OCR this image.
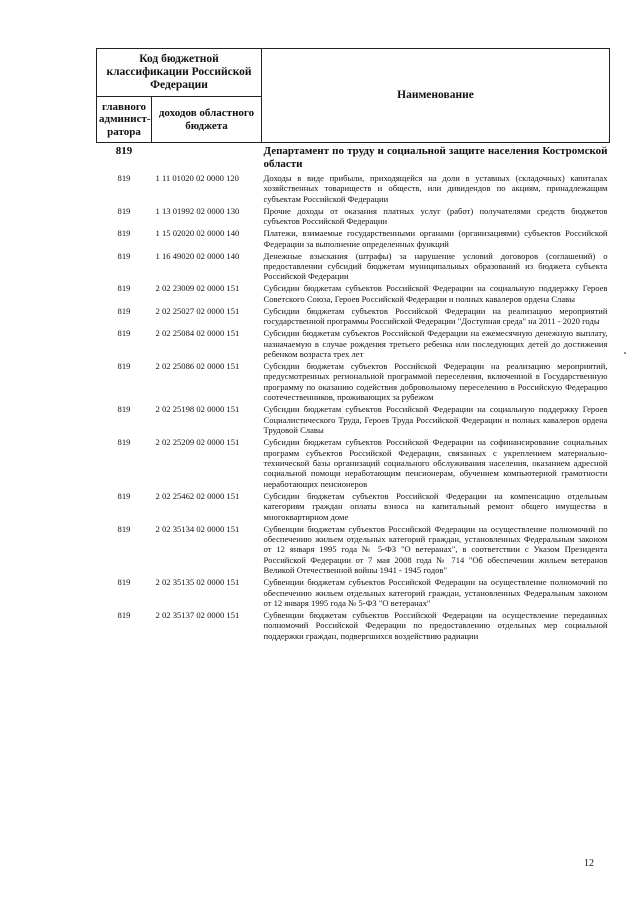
Код бюджетной классификации Российской Федерации		Наименование
главного админист-ратора	доходов областного бюджета	
819		Департамент по труду и социальной защите населения Костромской области
819	1 11 01020 02 0000 120	Доходы в виде прибыли, приходящейся на доли в уставных (складочных) капиталах хозяйственных товариществ и обществ, или дивидендов по акциям, принадлежащим субъектам Российской Федерации
819	1 13 01992 02 0000 130	Прочие доходы от оказания платных услуг (работ) получателями средств бюджетов субъектов Российской Федерации
819	1 15 02020 02 0000 140	Платежи, взимаемые государственными органами (организациями) субъектов Российской Федерации за выполнение определенных функций
819	1 16 49020 02 0000 140	Денежные взыскания (штрафы) за нарушение условий договоров (соглашений) о предоставлении субсидий бюджетам муниципальных образований из бюджета субъекта Российской Федерации
819	2 02 23009 02 0000 151	Субсидии бюджетам субъектов Российской Федерации на социальную поддержку Героев Советского Союза, Героев Российской Федерации и полных кавалеров ордена Славы
819	2 02 25027 02 0000 151	Субсидии бюджетам субъектов Российской Федерации на реализацию мероприятий государственной программы Российской Федерации "Доступная среда" на 2011 - 2020 годы
819	2 02 25084 02 0000 151	Субсидии бюджетам субъектов Российской Федерации на ежемесячную денежную выплату, назначаемую в случае рождения третьего ребенка или последующих детей до достижения ребенком возраста трех лет
819	2 02 25086 02 0000 151	Субсидии бюджетам субъектов Российской Федерации на реализацию мероприятий, предусмотренных региональной программой переселения, включенной в Государственную программу по оказанию содействия добровольному переселению в Российскую Федерацию соотечественников, проживающих за рубежом
819	2 02 25198 02 0000 151	Субсидии бюджетам субъектов Российской Федерации на социальную поддержку Героев Социалистического Труда, Героев Труда Российской Федерации и полных кавалеров ордена Трудовой Славы
819	2 02 25209 02 0000 151	Субсидии бюджетам субъектов Российской Федерации на софинансирование социальных программ субъектов Российской Федерации, связанных с укреплением материально-технической базы организаций социального обслуживания населения, оказанием адресной социальной помощи неработающим пенсионерам, обучением компьютерной грамотности неработающих пенсионеров
819	2 02 25462 02 0000 151	Субсидии бюджетам субъектов Российской Федерации на компенсацию отдельным категориям граждан оплаты взноса на капитальный ремонт общего имущества в многоквартирном доме
819	2 02 35134 02 0000 151	Субвенции бюджетам субъектов Российской Федерации на осуществление полномочий по обеспечению жильем отдельных категорий граждан, установленных Федеральным законом от 12 января 1995 года № 5-ФЗ "О ветеранах", в соответствии с Указом Президента Российской Федерации от 7 мая 2008 года № 714 "Об обеспечении жильем ветеранов Великой Отечественной войны 1941 - 1945 годов"
819	2 02 35135 02 0000 151	Субвенции бюджетам субъектов Российской Федерации на осуществление полномочий по обеспечению жильем отдельных категорий граждан, установленных Федеральным законом от 12 января 1995 года № 5-ФЗ "О ветеранах"
819	2 02 35137 02 0000 151	Субвенции бюджетам субъектов Российской Федерации на осуществление переданных полномочий Российской Федерации по предоставлению отдельных мер социальной поддержки граждан, подвергшихся воздействию радиации
12
